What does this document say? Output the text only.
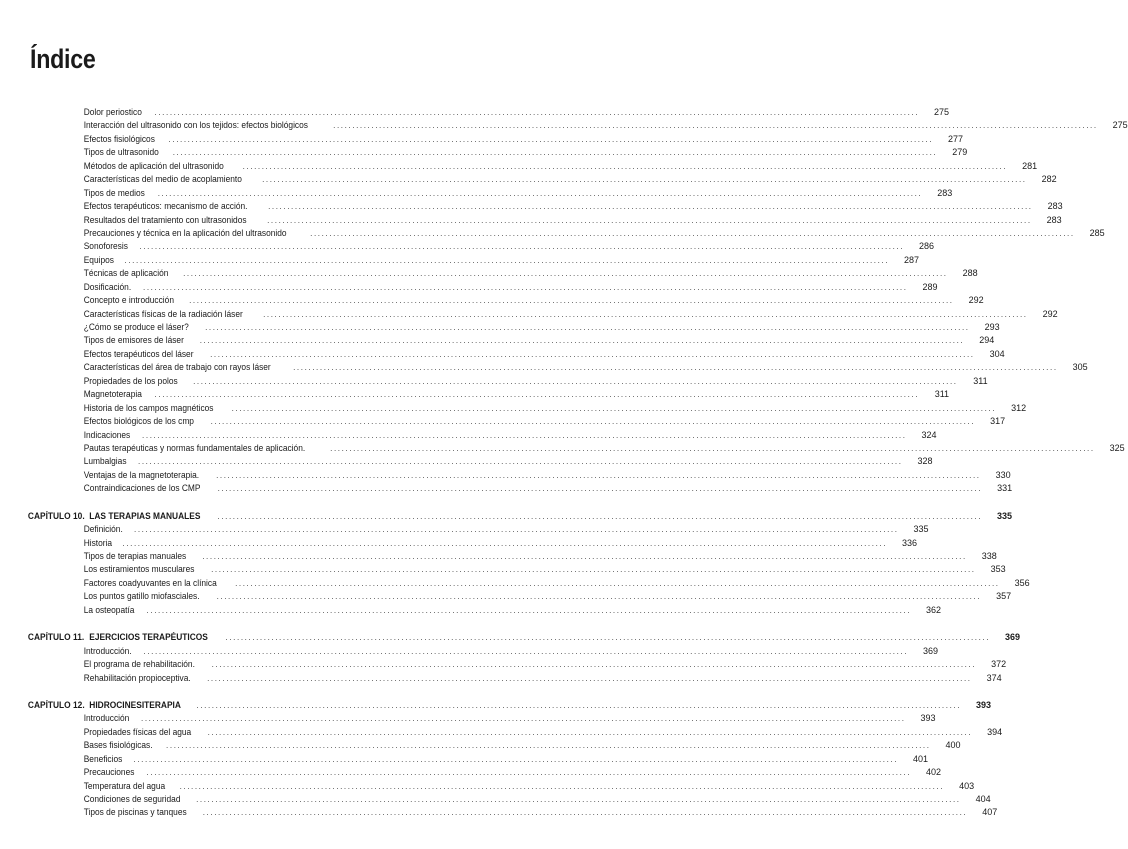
Índice
Dolor periostico ........................................................................................................................................................................................................	275
Interacción del ultrasonido con los tejidos: efectos biológicos	........................................................................................................................................................................................................	275
Efectos fisiológicos ........................................................................................................................................................................................................	277
Tipos de ultrasonido ........................................................................................................................................................................................................	279
Métodos de aplicación del ultrasonido ........................................................................................................................................................................................................	281
Características del medio de acoplamiento	........................................................................................................................................................................................................	282
Tipos de medios ........................................................................................................................................................................................................	283
Efectos terapéuticos: mecanismo de acción.	........................................................................................................................................................................................................	283
Resultados del tratamiento con ultrasonidos	........................................................................................................................................................................................................	283
Precauciones y técnica en la aplicación del ultrasonido	........................................................................................................................................................................................................	285
Sonoforesis ........................................................................................................................................................................................................	286
Equipos ........................................................................................................................................................................................................	287
Técnicas de aplicación ........................................................................................................................................................................................................	288
Dosificación. ........................................................................................................................................................................................................	289
Concepto e introducción ........................................................................................................................................................................................................	292
Características físicas de la radiación láser	........................................................................................................................................................................................................	292
¿Cómo se produce el láser? ........................................................................................................................................................................................................	293
Tipos de emisores de láser ........................................................................................................................................................................................................	294
Efectos terapéuticos del láser ........................................................................................................................................................................................................	304
Características del área de trabajo con rayos láser	........................................................................................................................................................................................................	305
Propiedades de los polos ........................................................................................................................................................................................................	311
Magnetoterapia ........................................................................................................................................................................................................	311
Historia de los campos magnéticos ........................................................................................................................................................................................................	312
Efectos biológicos de los cmp ........................................................................................................................................................................................................	317
Indicaciones ........................................................................................................................................................................................................	324
Pautas terapéuticas y normas fundamentales de aplicación.	........................................................................................................................................................................................................	325
Lumbalgias ........................................................................................................................................................................................................	328
Ventajas de la magnetoterapia. ........................................................................................................................................................................................................	330
Contraindicaciones de los CMP ........................................................................................................................................................................................................	331
CAPÍTULO 10. LAS TERAPIAS MANUALES ........................................................................................................................................................................................................	335
Definición. ........................................................................................................................................................................................................	335
Historia ........................................................................................................................................................................................................	336
Tipos de terapias manuales ........................................................................................................................................................................................................	338
Los estiramientos musculares ........................................................................................................................................................................................................	353
Factores coadyuvantes en la clínica ........................................................................................................................................................................................................	356
Los puntos gatillo miofasciales. ........................................................................................................................................................................................................	357
La osteopatía ........................................................................................................................................................................................................	362
CAPÍTULO 11. EJERCICIOS TERAPÉUTICOS ........................................................................................................................................................................................................	369
Introducción. ........................................................................................................................................................................................................	369
El programa de rehabilitación. ........................................................................................................................................................................................................	372
Rehabilitación propioceptiva. ........................................................................................................................................................................................................	374
CAPÍTULO 12. HIDROCINESITERAPIA ........................................................................................................................................................................................................	393
Introducción ........................................................................................................................................................................................................	393
Propiedades físicas del agua ........................................................................................................................................................................................................	394
Bases fisiológicas. ........................................................................................................................................................................................................	400
Beneficios ........................................................................................................................................................................................................	401
Precauciones ........................................................................................................................................................................................................	402
Temperatura del agua ........................................................................................................................................................................................................	403
Condiciones de seguridad ........................................................................................................................................................................................................	404
Tipos de piscinas y tanques ........................................................................................................................................................................................................	407
